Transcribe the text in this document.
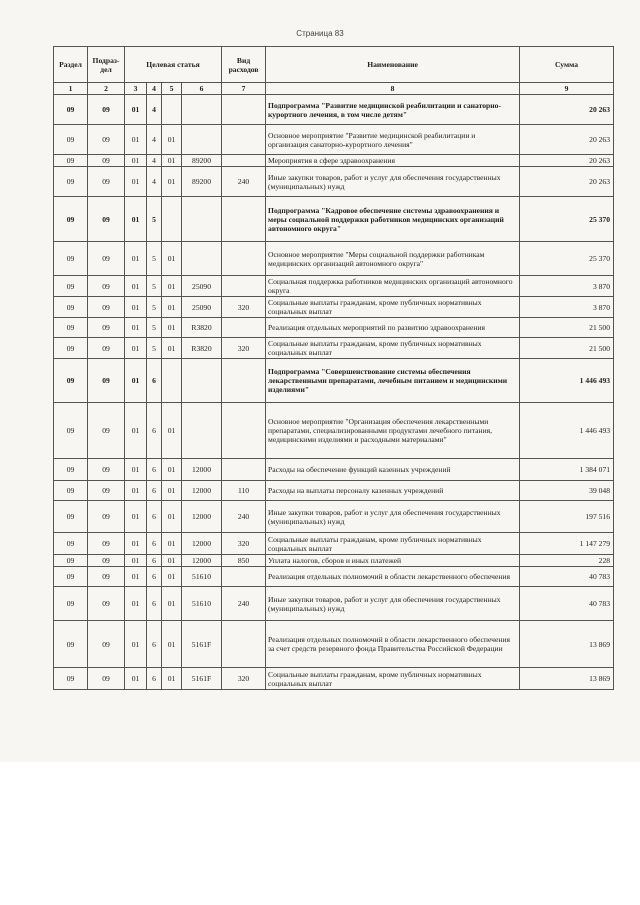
Страница 83
Раздел	Подраз-дел	Целевая статья				Вид расходов	Наименование	Сумма
1	2	3	4	5	6	7	8	9
09	09	01	4				Подпрограмма "Развитие медицинской реабилитации и санаторно-курортного лечения, в том числе детям"	20 263
09	09	01	4	01			Основное мероприятие "Развитие медицинской реабилитации и организация санаторно-курортного лечения"	20 263
09	09	01	4	01	89200		Мероприятия в сфере здравоохранения	20 263
09	09	01	4	01	89200	240	Иные закупки товаров, работ и услуг для обеспечения государственных (муниципальных) нужд	20 263
09	09	01	5				Подпрограмма "Кадровое обеспечение системы здравоохранения и меры социальной поддержки работников медицинских организаций автономного округа"	25 370
09	09	01	5	01			Основное мероприятие "Меры социальной поддержки работникам медицинских организаций автономного округа"	25 370
09	09	01	5	01	25090		Социальная поддержка работников медицинских организаций автономного округа	3 870
09	09	01	5	01	25090	320	Социальные выплаты гражданам, кроме публичных нормативных социальных выплат	3 870
09	09	01	5	01	R3820		Реализация отдельных мероприятий по развитию здравоохранения	21 500
09	09	01	5	01	R3820	320	Социальные выплаты гражданам, кроме публичных нормативных социальных выплат	21 500
09	09	01	6				Подпрограмма "Совершенствование системы обеспечения лекарственными препаратами, лечебным питанием и медицинскими изделиями"	1 446 493
09	09	01	6	01			Основное мероприятие "Организация обеспечения лекарственными препаратами, специализированными продуктами лечебного питания, медицинскими изделиями и расходными материалами"	1 446 493
09	09	01	6	01	12000		Расходы на обеспечение функций казенных учреждений	1 384 071
09	09	01	6	01	12000	110	Расходы на выплаты персоналу казенных учреждений	39 048
09	09	01	6	01	12000	240	Иные закупки товаров, работ и услуг для обеспечения государственных (муниципальных) нужд	197 516
09	09	01	6	01	12000	320	Социальные выплаты гражданам, кроме публичных нормативных социальных выплат	1 147 279
09	09	01	6	01	12000	850	Уплата налогов, сборов и иных платежей	228
09	09	01	6	01	51610		Реализация отдельных полномочий в области лекарственного обеспечения	40 783
09	09	01	6	01	51610	240	Иные закупки товаров, работ и услуг для обеспечения государственных (муниципальных) нужд	40 783
09	09	01	6	01	5161F		Реализация отдельных полномочий в области лекарственного обеспечения за счет средств резервного фонда Правительства Российской Федерации	13 869
09	09	01	6	01	5161F	320	Социальные выплаты гражданам, кроме публичных нормативных социальных выплат	13 869
